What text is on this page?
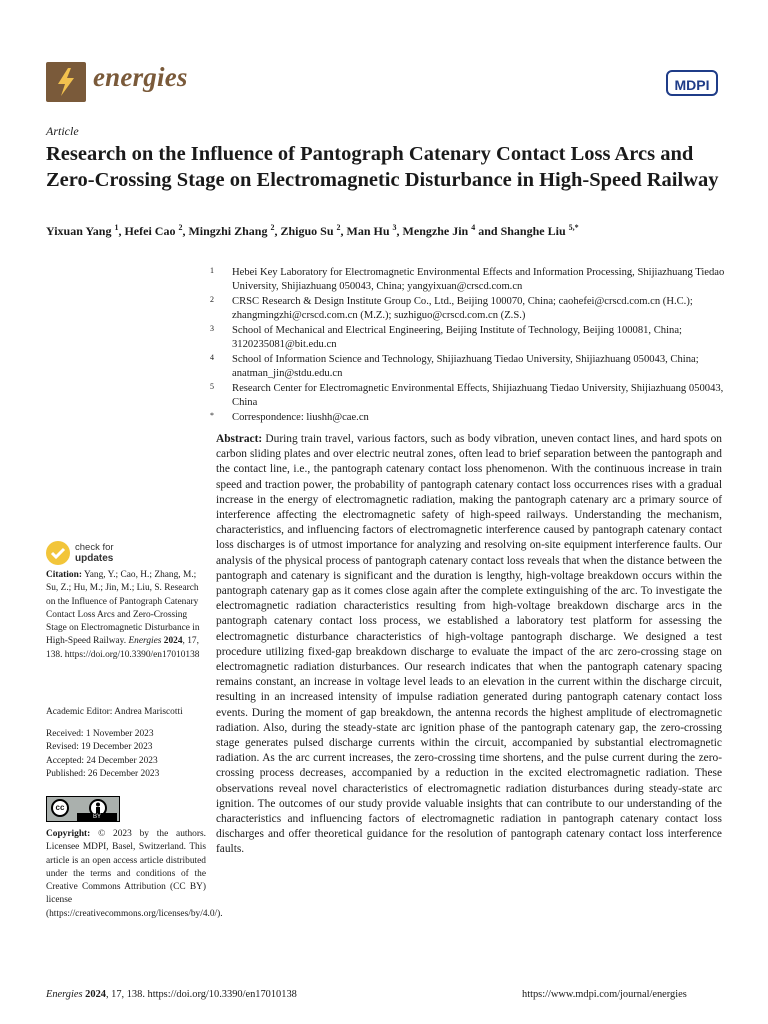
energies	MDPI
Article
Research on the Influence of Pantograph Catenary Contact Loss Arcs and Zero-Crossing Stage on Electromagnetic Disturbance in High-Speed Railway
Yixuan Yang $^1$, Hefei Cao $^2$, Mingzhi Zhang $^2$, Zhiguo Su $^2$, Man Hu $^3$, Mengzhe Jin $^4$ and Shanghe Liu $^{5,*}$

1 Hebei Key Laboratory for Electromagnetic Environmental Effects and Information Processing, Shijiazhuang Tiedao University, Shijiazhuang 050043, China; yangyixuan@crscd.com.cn

2 CRSC Research & Design Institute Group Co., Ltd., Beijing 100070, China; caohefei@crscd.com.cn (H.C.); zhangmingzhi@crscd.com.cn (M.Z.); suzhiguo@crscd.com.cn (Z.S.)

3 School of Mechanical and Electrical Engineering, Beijing Institute of Technology, Beijing 100081, China; 3120235081@bit.edu.cn

4 School of Information Science and Technology, Shijiazhuang Tiedao University, Shijiazhuang 050043, China; anatman_jin@stdu.edu.cn

5 Research Center for Electromagnetic Environmental Effects, Shijiazhuang Tiedao University, Shijiazhuang 050043, China

* Correspondence: liushh@cae.cn

Abstract: During train travel, various factors, such as body vibration, uneven contact lines, and hard spots on carbon sliding plates and over electric neutral zones, often lead to brief separation between the pantograph and the contact line, i.e., the pantograph catenary contact loss phenomenon. With the continuous increase in train speed and traction power, the probability of pantograph catenary contact loss occurrences rises with a gradual increase in the energy of electromagnetic radiation, making the pantograph catenary arc a primary source of interference affecting the electromagnetic safety of high-speed railways. Understanding the mechanism, characteristics, and influencing factors of electromagnetic interference caused by pantograph catenary contact loss discharges is of utmost importance for analyzing and resolving on-site equipment interference faults. Our analysis of the physical process of pantograph catenary contact loss reveals that when the distance between the pantograph and catenary is significant and the duration is lengthy, high-voltage breakdown occurs within the pantograph catenary gap as it comes close again after the complete extinguishing of the arc. To investigate the electromagnetic radiation characteristics resulting from high-voltage breakdown discharge arcs in the pantograph catenary contact loss process, we established a laboratory test platform for assessing the electromagnetic disturbance characteristics of high-voltage pantograph discharge. We designed a test procedure utilizing fixed-gap breakdown discharge to evaluate the impact of the arc zero-crossing stage on electromagnetic radiation disturbances. Our research indicates that when the pantograph catenary spacing remains constant, an increase in voltage level leads to an elevation in the current within the discharge circuit, resulting in an increased intensity of impulse radiation generated during pantograph catenary contact loss events. During the moment of gap breakdown, the antenna records the highest amplitude of electromagnetic radiation. Also, during the steady-state arc ignition phase of the pantograph catenary gap, the zero-crossing stage generates pulsed discharge currents within the circuit, accompanied by substantial electromagnetic radiation. As the arc current increases, the zero-crossing time shortens, and the pulse current during the zero-crossing process decreases, accompanied by a reduction in the excited electromagnetic radiation. These observations reveal novel characteristics of electromagnetic radiation disturbances during steady-state arc ignition. The outcomes of our study provide valuable insights that can contribute to our understanding of the characteristics and influencing factors of electromagnetic radiation in pantograph catenary contact loss discharges and offer theoretical guidance for the resolution of pantograph catenary contact loss interference faults.

check for
updates

Citation: Yang, Y.; Cao, H.; Zhang, M.; Su, Z.; Hu, M.; Jin, M.; Liu, S. Research on the Influence of Pantograph Catenary Contact Loss Arcs and Zero-Crossing Stage on Electromagnetic Disturbance in High-Speed Railway. Energies 2024, 17, 138. https://doi.org/10.3390/en17010138

Academic Editor: Andrea Mariscotti

Received: 1 November 2023
Revised: 19 December 2023
Accepted: 24 December 2023
Published: 26 December 2023
cc
BY

Copyright: © 2023 by the authors. Licensee MDPI, Basel, Switzerland. This article is an open access article distributed under the terms and conditions of the Creative Commons Attribution (CC BY) license (https://creativecommons.org/licenses/by/4.0/).

Energies 2024, 17, 138. https://doi.org/10.3390/en17010138	https://www.mdpi.com/journal/energies
